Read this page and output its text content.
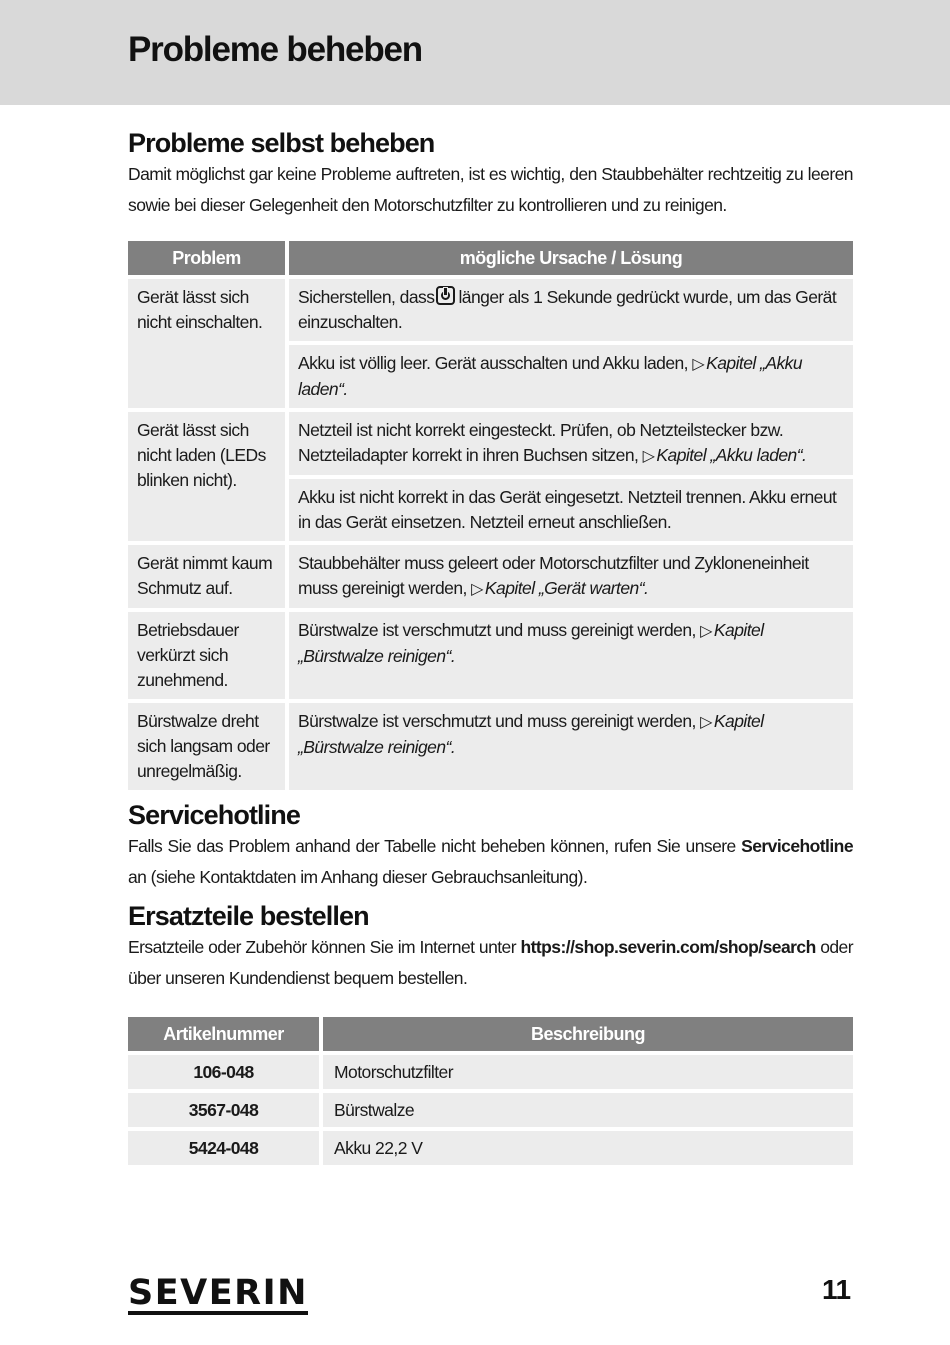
Probleme beheben
Probleme selbst beheben

Damit möglichst gar keine Probleme auftreten, ist es wichtig, den Staubbehälter rechtzeitig zu leeren sowie bei dieser Gelegenheit den Motorschutzfilter zu kontrollieren und zu reinigen.

Problem	mögliche Ursache / Lösung
Gerät lässt sich nicht einschalten.	Sicherstellen, dass länger als 1 Sekunde gedrückt wurde, um das Gerät einzuschalten.
	Akku ist völlig leer. Gerät ausschalten und Akku laden, ▷ Kapitel „Akku laden“.
Gerät lässt sich nicht laden (LEDs blinken nicht).	Netzteil ist nicht korrekt eingesteckt. Prüfen, ob Netzteilstecker bzw. Netzteiladapter korrekt in ihren Buchsen sitzen, ▷ Kapitel „Akku laden“.
	Akku ist nicht korrekt in das Gerät eingesetzt. Netzteil trennen. Akku erneut in das Gerät einsetzen. Netzteil erneut anschließen.
Gerät nimmt kaum Schmutz auf.	Staubbehälter muss geleert oder Motorschutzfilter und Zykloneneinheit muss gereinigt werden, ▷ Kapitel „Gerät warten“.
Betriebsdauer verkürzt sich zunehmend.	Bürstwalze ist verschmutzt und muss gereinigt werden, ▷ Kapitel „Bürstwalze reinigen“.
Bürstwalze dreht sich langsam oder unregelmäßig.	Bürstwalze ist verschmutzt und muss gereinigt werden, ▷ Kapitel „Bürstwalze reinigen“.
Servicehotline

Falls Sie das Problem anhand der Tabelle nicht beheben können, rufen Sie unsere Servicehotline an (siehe Kontaktdaten im Anhang dieser Gebrauchsanleitung).

Ersatzteile bestellen

Ersatzteile oder Zubehör können Sie im Internet unter https://shop.severin.com/shop/search oder über unseren Kundendienst bequem bestellen.

Artikelnummer	Beschreibung
106-048	Motorschutzfilter
3567-048	Bürstwalze
5424-048	Akku 22,2 V
SEVERIN	11
